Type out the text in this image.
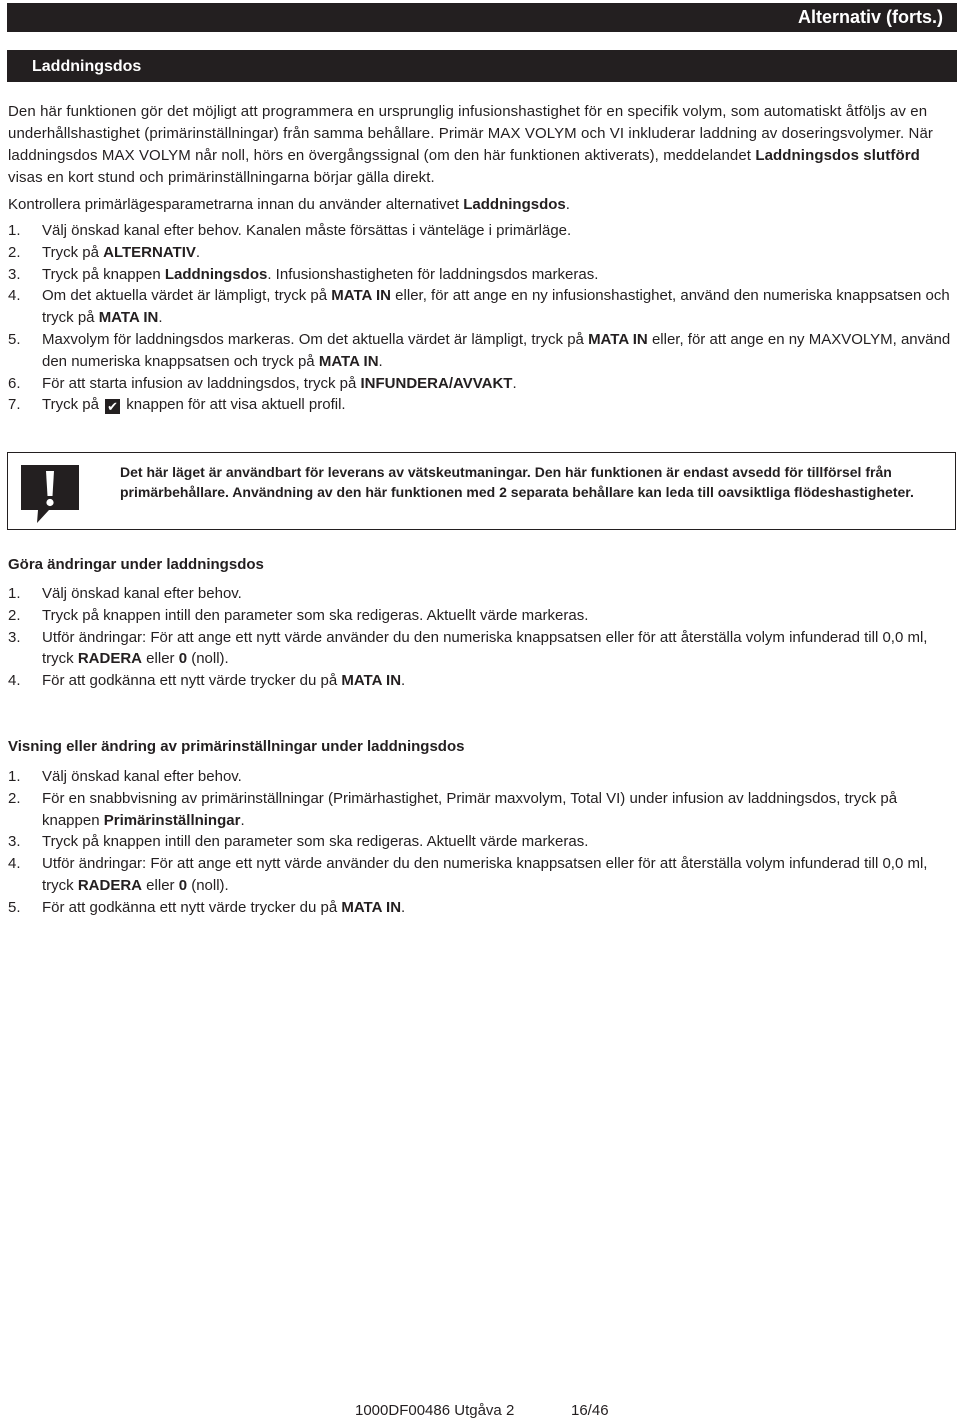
Alternativ (forts.)
Laddningsdos

Den här funktionen gör det möjligt att programmera en ursprunglig infusionshastighet för en specifik volym, som automatiskt åtföljs av en underhållshastighet (primärinställningar) från samma behållare. Primär MAX VOLYM och VI inkluderar laddning av doseringsvolymer. När laddningsdos MAX VOLYM når noll, hörs en övergångssignal (om den här funktionen aktiverats), meddelandet Laddningsdos slutförd visas en kort stund och primärinställningarna börjar gälla direkt.

Kontrollera primärlägesparametrarna innan du använder alternativet Laddningsdos.

1. Välj önskad kanal efter behov. Kanalen måste försättas i vänteläge i primärläge.
2. Tryck på ALTERNATIV.
3. Tryck på knappen Laddningsdos. Infusionshastigheten för laddningsdos markeras.
4. Om det aktuella värdet är lämpligt, tryck på MATA IN eller, för att ange en ny infusionshastighet, använd den numeriska knappsatsen och tryck på MATA IN.
5. Maxvolym för laddningsdos markeras. Om det aktuella värdet är lämpligt, tryck på MATA IN eller, för att ange en ny MAXVOLYM, använd den numeriska knappsatsen och tryck på MATA IN.
6. För att starta infusion av laddningsdos, tryck på INFUNDERA/AVVAKT.
7. Tryck på ✔ knappen för att visa aktuell profil.
Göra ändringar under laddningsdos
1. Välj önskad kanal efter behov.
2. Tryck på knappen intill den parameter som ska redigeras. Aktuellt värde markeras.
3. Utför ändringar: För att ange ett nytt värde använder du den numeriska knappsatsen eller för att återställa volym infunderad till 0,0 ml, tryck RADERA eller 0 (noll).
4. För att godkänna ett nytt värde trycker du på MATA IN.
Visning eller ändring av primärinställningar under laddningsdos
1. Välj önskad kanal efter behov.
2. För en snabbvisning av primärinställningar (Primärhastighet, Primär maxvolym, Total VI) under infusion av laddningsdos, tryck på knappen Primärinställningar.
3. Tryck på knappen intill den parameter som ska redigeras. Aktuellt värde markeras.
4. Utför ändringar: För att ange ett nytt värde använder du den numeriska knappsatsen eller för att återställa volym infunderad till 0,0 ml, tryck RADERA eller 0 (noll).
5. För att godkänna ett nytt värde trycker du på MATA IN.
Det här läget är användbart för leverans av vätskeutmaningar. Den här funktionen är endast avsedd för tillförsel från primärbehållare. Användning av den här funktionen med 2 separata behållare kan leda till oavsiktliga flödeshastigheter.
1000DF00486 Utgåva 2	16/46
